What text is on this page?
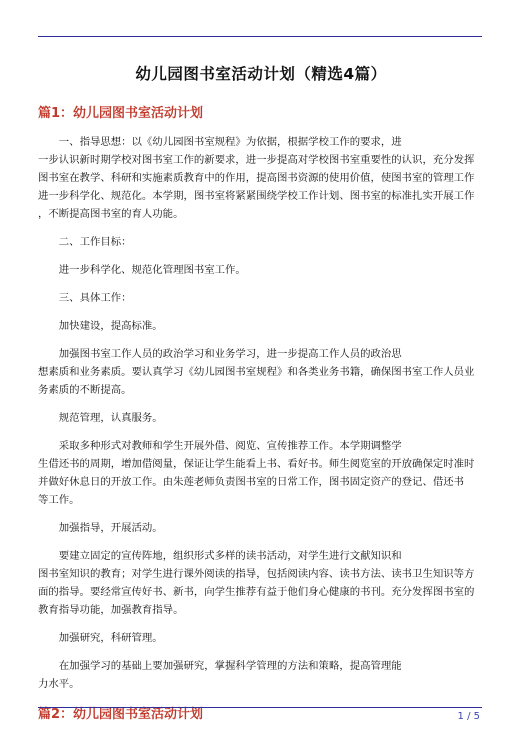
幼儿园图书室活动计划（精选4篇）
篇1：幼儿园图书室活动计划

一、指导思想：以《幼儿园图书室规程》为依据，根据学校工作的要求，进
一步认识新时期学校对图书室工作的新要求，进一步提高对学校图书室重要性的认识，充分发挥
图书室在教学、科研和实施素质教育中的作用，提高图书资源的使用价值，使图书室的管理工作
进一步科学化、规范化。本学期，图书室将紧紧围绕学校工作计划、图书室的标准扎实开展工作
，不断提高图书室的育人功能。

二、工作目标：

进一步科学化、规范化管理图书室工作。

三、具体工作：

加快建设，提高标准。

加强图书室工作人员的政治学习和业务学习，进一步提高工作人员的政治思
想素质和业务素质。要认真学习《幼儿园图书室规程》和各类业务书籍，确保图书室工作人员业
务素质的不断提高。

规范管理，认真服务。

采取多种形式对教师和学生开展外借、阅览、宣传推荐工作。本学期调整学
生借还书的周期，增加借阅量，保证让学生能看上书、看好书。师生阅览室的开放确保定时准时
并做好休息日的开放工作。由朱莲老师负责图书室的日常工作，图书固定资产的登记、借还书
等工作。

加强指导，开展活动。

要建立固定的宣传阵地，组织形式多样的读书活动，对学生进行文献知识和
图书室知识的教育；对学生进行课外阅读的指导，包括阅读内容、读书方法、读书卫生知识等方
面的指导。要经常宣传好书、新书，向学生推荐有益于他们身心健康的书刊。充分发挥图书室的
教育指导功能，加强教育指导。

加强研究，科研管理。

在加强学习的基础上要加强研究，掌握科学管理的方法和策略，提高管理能
力水平。

篇2：幼儿园图书室活动计划	1 / 5
